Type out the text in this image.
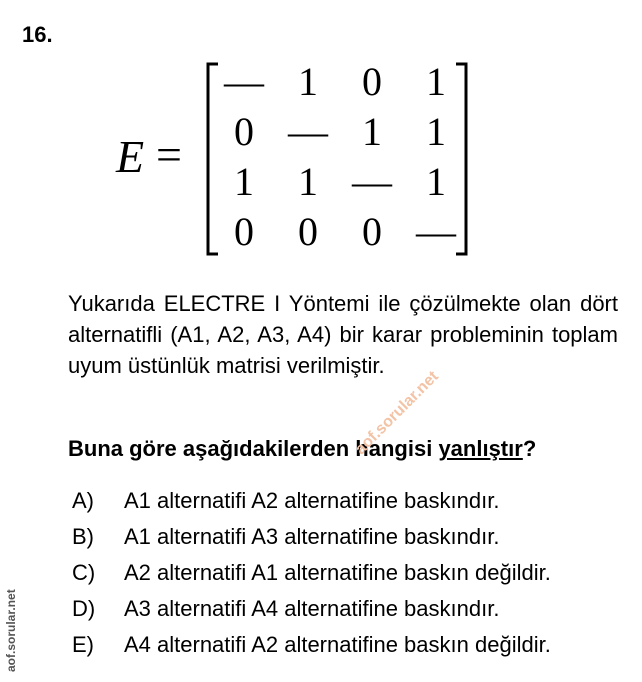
16.
E =
— 1 0 1
0 — 1 1
1 1 — 1
0 0 0 —
Yukarıda ELECTRE I Yöntemi ile çözülmekte olan dört alternatifli (A1, A2, A3, A4) bir karar probleminin toplam uyum üstünlük matrisi verilmiştir.
Buna göre aşağıdakilerden hangisi yanlıştır?
A) A1 alternatifi A2 alternatifine baskındır.
B) A1 alternatifi A3 alternatifine baskındır.
C) A2 alternatifi A1 alternatifine baskın değildir.
D) A3 alternatifi A4 alternatifine baskındır.
E) A4 alternatifi A2 alternatifine baskın değildir.
aof.sorular.net
aof.sorular.net
